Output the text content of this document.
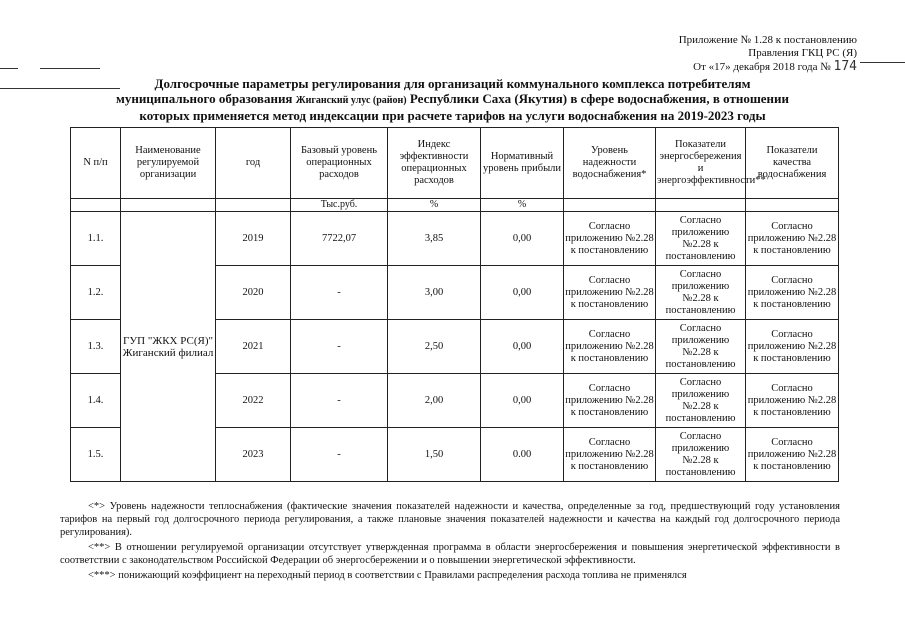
Приложение № 1.28 к постановлению
Правления ГКЦ РС (Я)
От «17» декабря 2018 года № 174
Долгосрочные параметры регулирования для организаций коммунального комплекса потребителям
муниципального образования Жиганский улус (район) Республики Саха (Якутия) в сфере водоснабжения, в отношении
которых применяется метод индексации при расчете тарифов на услуги водоснабжения на 2019-2023 годы
N п/п	Наименование регулируемой организации	год	Базовый уровень операционных расходов	Индекс эффективности операционных расходов	Нормативный уровень прибыли	Уровень надежности водоснабжения*	Показатели энергосбережения и энергоэффективности**	Показатели качества водоснабжения
			Тыс.руб.	%	%			
1.1.	ГУП "ЖКХ РС(Я)" Жиганский филиал	2019	7722,07	3,85	0,00	Согласно приложению №2.28 к постановлению	Согласно приложению №2.28 к постановлению	Согласно приложению №2.28 к постановлению
1.2.		2020	-	3,00	0,00	Согласно приложению №2.28 к постановлению	Согласно приложению №2.28 к постановлению	Согласно приложению №2.28 к постановлению
1.3.		2021	-	2,50	0,00	Согласно приложению №2.28 к постановлению	Согласно приложению №2.28 к постановлению	Согласно приложению №2.28 к постановлению
1.4.		2022	-	2,00	0,00	Согласно приложению №2.28 к постановлению	Согласно приложению №2.28 к постановлению	Согласно приложению №2.28 к постановлению
1.5.		2023	-	1,50	0.00	Согласно приложению №2.28 к постановлению	Согласно приложению №2.28 к постановлению	Согласно приложению №2.28 к постановлению
<*> Уровень надежности теплоснабжения (фактические значения показателей надежности и качества, определенные за год, предшествующий году установления тарифов на первый год долгосрочного периода регулирования, а также плановые значения показателей надежности и качества на каждый год долгосрочного периода регулирования).
<**> В отношении регулируемой организации отсутствует утвержденная программа в области энергосбережения и повышения энергетической эффективности в соответствии с законодательством Российской Федерации об энергосбережении и о повышении энергетической эффективности.
<***> понижающий коэффициент на переходный период в соответствии с Правилами распределения расхода топлива не применялся
